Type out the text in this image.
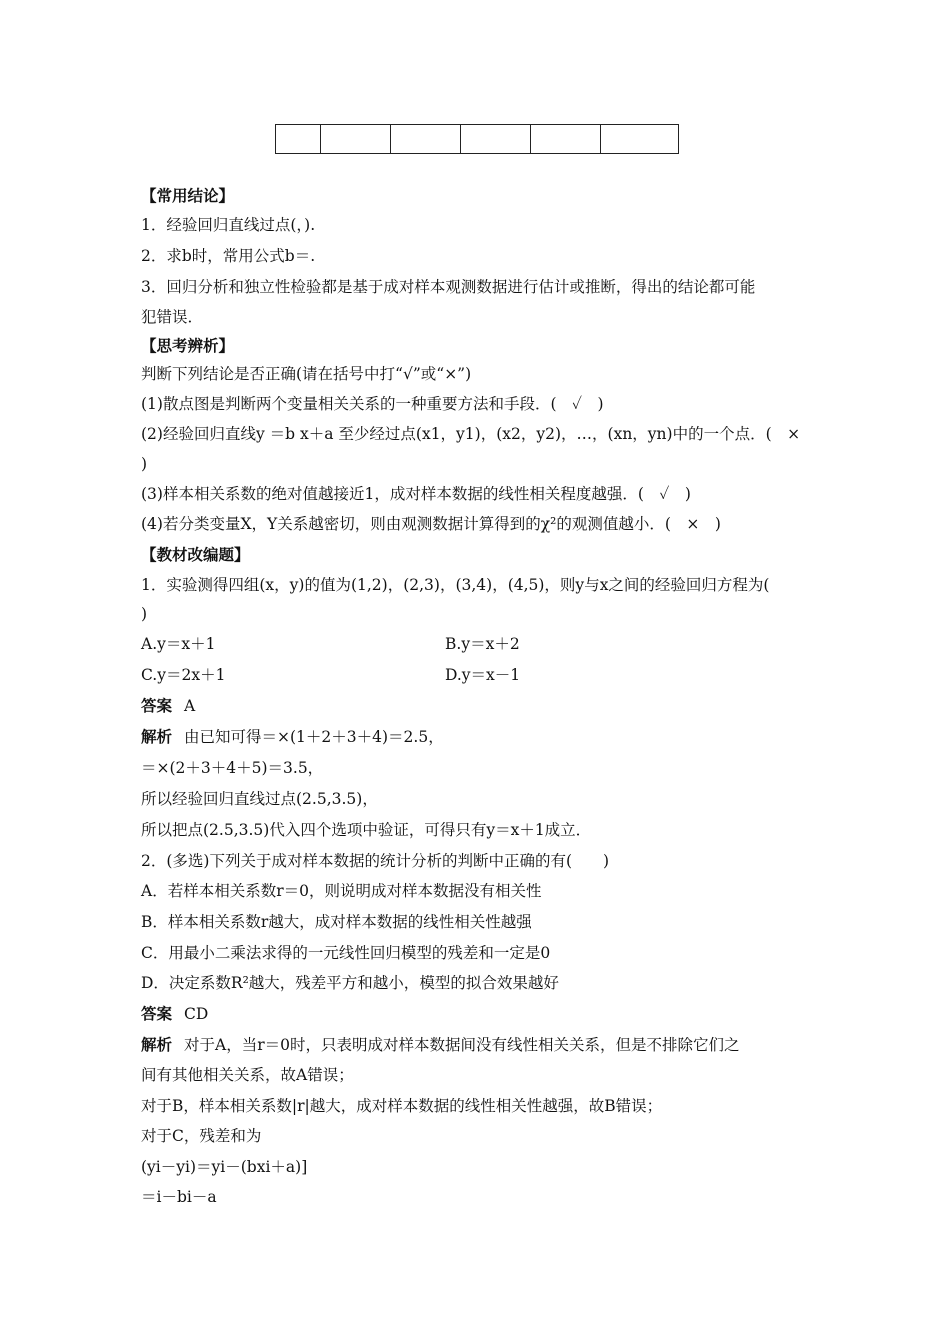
【常用结论】
1．经验回归直线过点(，).
2．求b时，常用公式b＝.
3．回归分析和独立性检验都是基于成对样本观测数据进行估计或推断，得出的结论都可能
犯错误．
【思考辨析】
判断下列结论是否正确(请在括号中打“√”或“×”)
(1)散点图是判断两个变量相关关系的一种重要方法和手段．(　✓　)
(2)经验回归直线y ＝b x＋a 至少经过点(x1，y1)，(x2，y2)，…，(xn，yn)中的一个点．(　×
)
(3)样本相关系数的绝对值越接近1，成对样本数据的线性相关程度越强．(　✓　)
(4)若分类变量X，Y关系越密切，则由观测数据计算得到的χ²的观测值越小．(　×　)
【教材改编题】
1．实验测得四组(x，y)的值为(1,2)，(2,3)，(3,4)，(4,5)，则y与x之间的经验回归方程为(
)
A.y＝x＋1	B.y＝x＋2
C.y＝2x＋1	D.y＝x－1
答案 A
解析 由已知可得＝×(1＋2＋3＋4)＝2.5，
＝×(2＋3＋4＋5)＝3.5，
所以经验回归直线过点(2.5,3.5)，
所以把点(2.5,3.5)代入四个选项中验证，可得只有y＝x＋1成立．
2．(多选)下列关于成对样本数据的统计分析的判断中正确的有(　　)
A．若样本相关系数r＝0，则说明成对样本数据没有相关性
B．样本相关系数r越大，成对样本数据的线性相关性越强
C．用最小二乘法求得的一元线性回归模型的残差和一定是0
D．决定系数R²越大，残差平方和越小，模型的拟合效果越好
答案 CD
解析 对于A，当r＝0时，只表明成对样本数据间没有线性相关关系，但是不排除它们之
间有其他相关关系，故A错误；
对于B，样本相关系数|r|越大，成对样本数据的线性相关性越强，故B错误；
对于C，残差和为
(yi－yi)＝yi－(bxi＋a)]
＝i－bi－a
